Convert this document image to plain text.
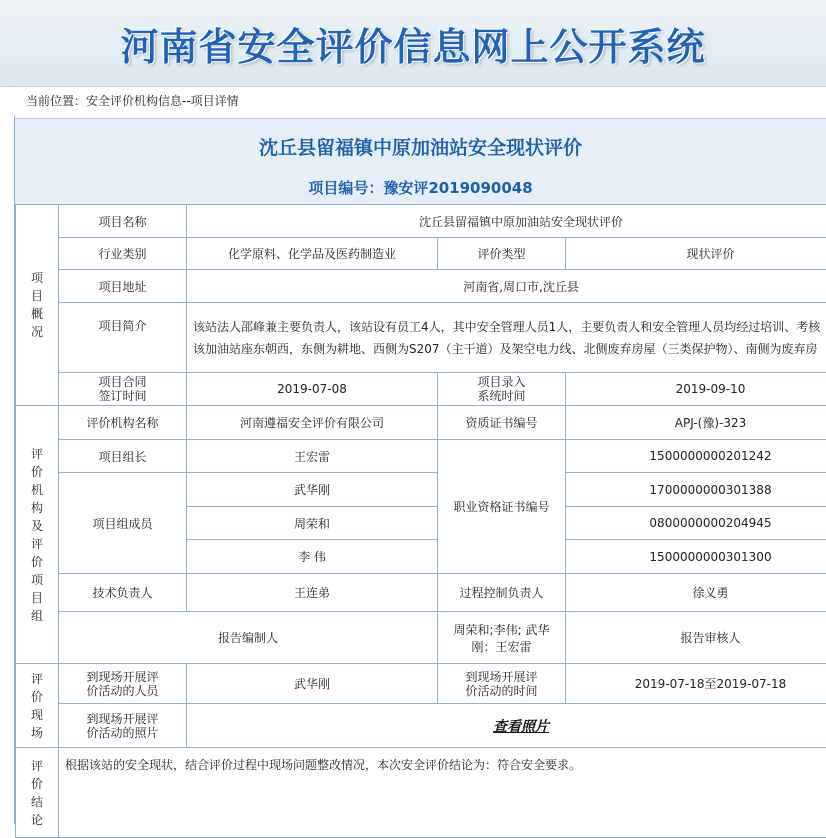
河南省安全评价信息网上公开系统
当前位置：安全评价机构信息--项目详情
沈丘县留福镇中原加油站安全现状评价
项目编号：豫安评2019090048
项目概况	项目名称	沈丘县留福镇中原加油站安全现状评价			
	行业类别	化学原料、化学品及医药制造业	评价类型	现状评价	
	项目地址	河南省,周口市,沈丘县			
	项目简介	该站法人邵峰兼主要负责人，该站设有员工4人，其中安全管理人员1人，主要负责人和安全管理人员均经过培训、考核
该加油站座东朝西，东侧为耕地、西侧为S207（主干道）及架空电力线、北侧废弃房屋（三类保护物）、南侧为废弃房			

	项目合同
签订时间	2019-07-08	项目录入
系统时间	2019-09-10	

评价机构及评价项目组	评价机构名称	河南遵福安全评价有限公司	资质证书编号	APJ-(豫)-323	
	项目组长	王宏雷	职业资格证书编号	1500000000201242	
	项目组成员	武华刚		1700000000301388	
		周荣和		0800000000204945	
		李 伟		1500000000301300	
	技术负责人	王连弟	过程控制负责人	徐义勇	
	报告编制人		周荣和;李伟; 武华刚：王宏雷	报告审核人	

评价现场	到现场开展评
价活动的人员	武华刚	到现场开展评
价活动的时间	2019-07-18至2019-07-18	
	到现场开展评
价活动的照片	查看照片			

评价结论	根据该站的安全现状，结合评价过程中现场问题整改情况，本次安全评价结论为：符合安全要求。				
